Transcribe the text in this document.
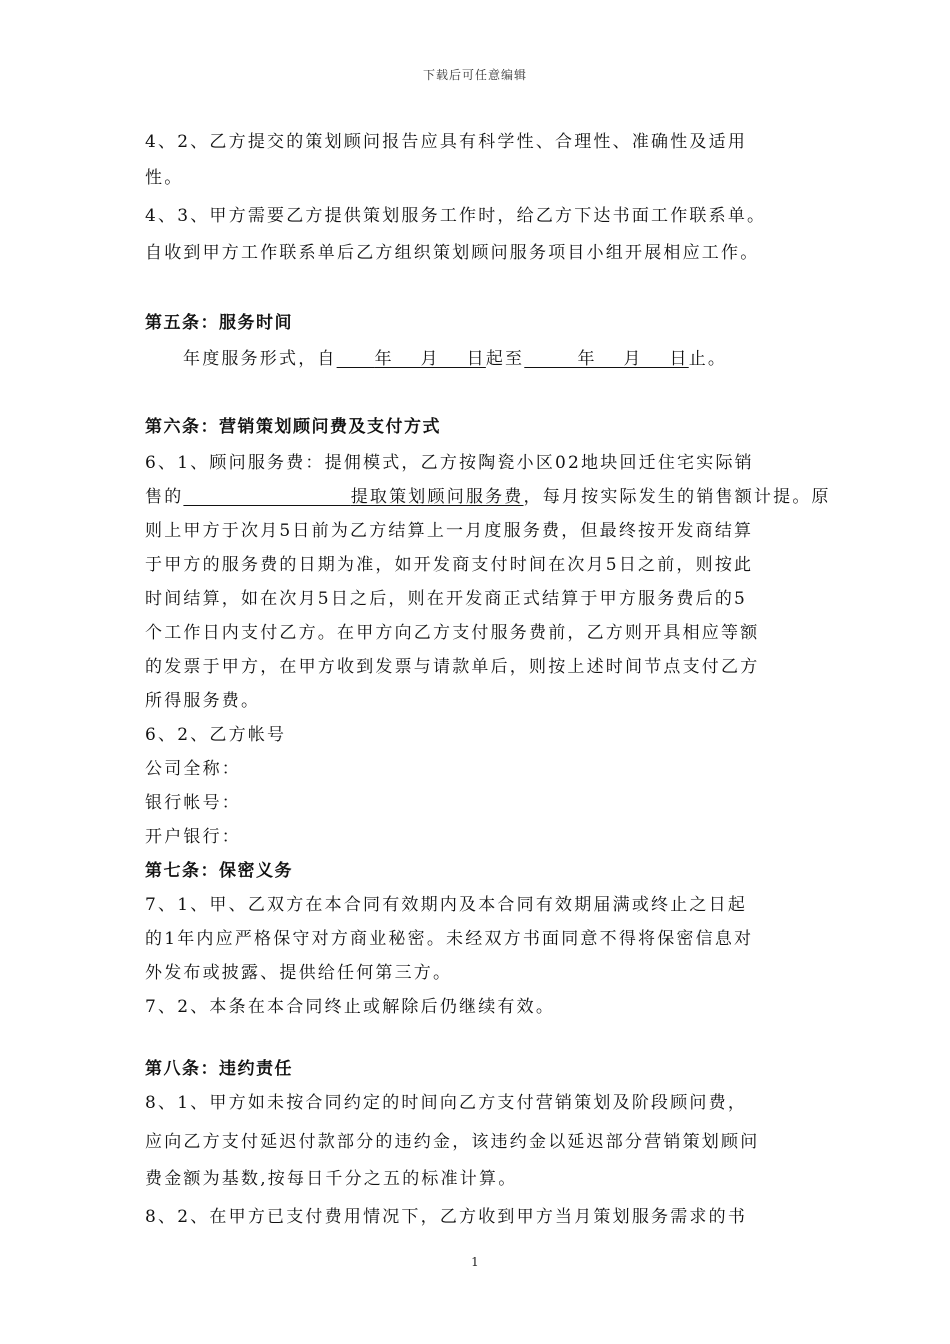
下载后可任意编辑
4、2、乙方提交的策划顾问报告应具有科学性、合理性、准确性及适用
性。
4、3、甲方需要乙方提供策划服务工作时，给乙方下达书面工作联系单。
自收到甲方工作联系单后乙方组织策划顾问服务项目小组开展相应工作。
第五条：服务时间
第六条：营销策划顾问费及支付方式
6、1、顾问服务费：提佣模式，乙方按陶瓷小区02地块回迁住宅实际销
则上甲方于次月5日前为乙方结算上一月度服务费，但最终按开发商结算
于甲方的服务费的日期为准，如开发商支付时间在次月5日之前，则按此
时间结算，如在次月5日之后，则在开发商正式结算于甲方服务费后的5
个工作日内支付乙方。在甲方向乙方支付服务费前，乙方则开具相应等额
的发票于甲方，在甲方收到发票与请款单后，则按上述时间节点支付乙方
所得服务费。
6、2、乙方帐号
公司全称：
银行帐号：
开户银行：
第七条：保密义务
7、1、甲、乙双方在本合同有效期内及本合同有效期届满或终止之日起
的1年内应严格保守对方商业秘密。未经双方书面同意不得将保密信息对
外发布或披露、提供给任何第三方。
7、2、本条在本合同终止或解除后仍继续有效。
第八条：违约责任
8、1、甲方如未按合同约定的时间向乙方支付营销策划及阶段顾问费，
应向乙方支付延迟付款部分的违约金，该违约金以延迟部分营销策划顾问
费金额为基数,按每日千分之五的标准计算。
8、2、在甲方已支付费用情况下，乙方收到甲方当月策划服务需求的书
年度服务形式，自 年　 月　 日起至	年　 月　 日止。
售的	提取策划顾问服务费，每月按实际发生的销售额计提。原
1
